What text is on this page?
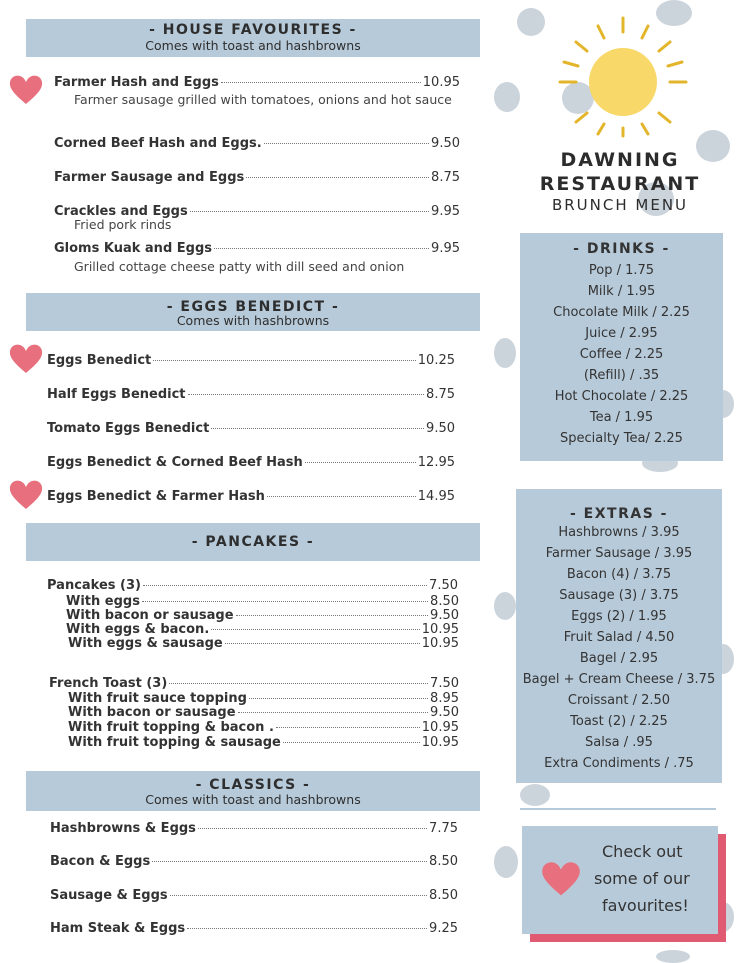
DAWNING
RESTAURANT
BRUNCH MENU
- HOUSE FAVOURITES -
Comes with toast and hashbrowns
Farmer Hash and Eggs	10.95
Farmer sausage grilled with tomatoes, onions and hot sauce
Corned Beef Hash and Eggs.	9.50
Farmer Sausage and Eggs	8.75
Crackles and Eggs	9.95
Fried pork rinds
Gloms Kuak and Eggs	9.95
Grilled cottage cheese patty with dill seed and onion
- EGGS BENEDICT -
Comes with hashbrowns
Eggs Benedict	10.25
Half Eggs Benedict	8.75
Tomato Eggs Benedict	9.50
Eggs Benedict & Corned Beef Hash	12.95
Eggs Benedict & Farmer Hash	14.95
- PANCAKES -
Pancakes (3)	7.50
With eggs	8.50
With bacon or sausage	9.50
With eggs & bacon.	10.95
With eggs & sausage	10.95
French Toast (3)	7.50
With fruit sauce topping	8.95
With bacon or sausage	9.50
With fruit topping & bacon .	10.95
With fruit topping & sausage	10.95
- CLASSICS -
Comes with toast and hashbrowns
Hashbrowns & Eggs	7.75
Bacon & Eggs	8.50
Sausage & Eggs	8.50
Ham Steak & Eggs	9.25
- DRINKS -
Pop / 1.75
Milk / 1.95
Chocolate Milk / 2.25
Juice / 2.95
Coffee / 2.25
(Refill) / .35
Hot Chocolate / 2.25
Tea / 1.95
Specialty Tea/ 2.25
- EXTRAS -
Hashbrowns / 3.95
Farmer Sausage / 3.95
Bacon (4) / 3.75
Sausage (3) / 3.75
Eggs (2) / 1.95
Fruit Salad / 4.50
Bagel / 2.95
Bagel + Cream Cheese / 3.75
Croissant / 2.50
Toast (2) / 2.25
Salsa / .95
Extra Condiments / .75
Check out
some of our
favourites!
